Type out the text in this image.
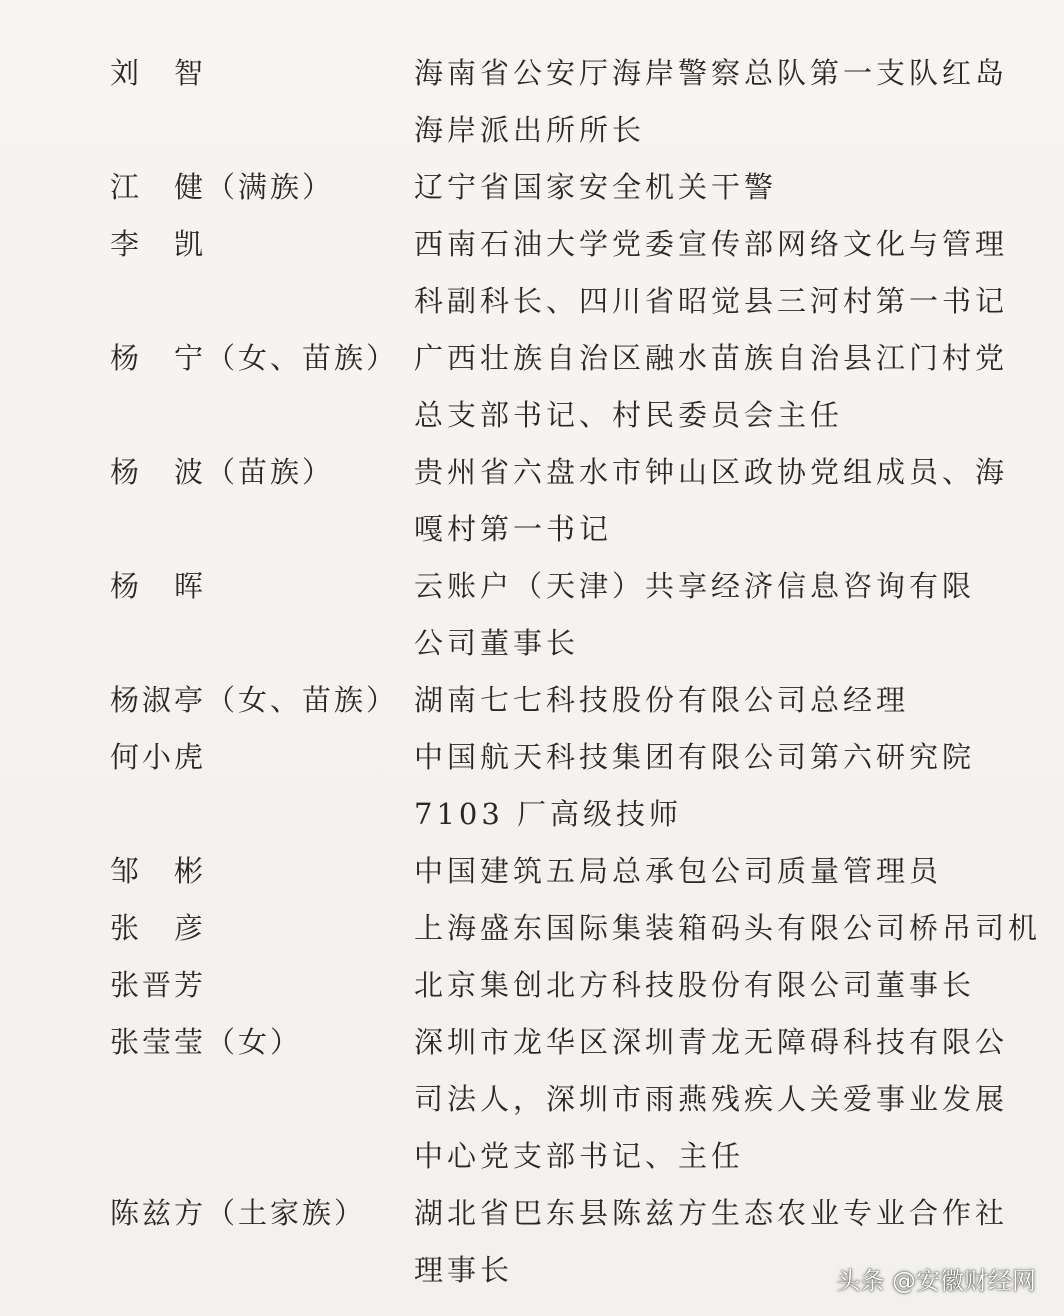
刘　智	海南省公安厅海岸警察总队第一支队红岛
海岸派出所所长
江　健（满族）	辽宁省国家安全机关干警
李　凯	西南石油大学党委宣传部网络文化与管理
科副科长、四川省昭觉县三河村第一书记
杨　宁（女、苗族） 广西壮族自治区融水苗族自治县江门村党
总支部书记、村民委员会主任
杨　波（苗族）	贵州省六盘水市钟山区政协党组成员、海
嘎村第一书记
杨　晖	云账户（天津）共享经济信息咨询有限
公司董事长
杨淑亭（女、苗族） 湖南七七科技股份有限公司总经理
何小虎	中国航天科技集团有限公司第六研究院
7103 厂高级技师
邹　彬	中国建筑五局总承包公司质量管理员
张　彦	上海盛东国际集装箱码头有限公司桥吊司机
张晋芳	北京集创北方科技股份有限公司董事长
张莹莹（女）	深圳市龙华区深圳青龙无障碍科技有限公
司法人，深圳市雨燕残疾人关爱事业发展
中心党支部书记、主任
陈兹方（土家族） 湖北省巴东县陈兹方生态农业专业合作社
理事长	头条 @安徽财经网
